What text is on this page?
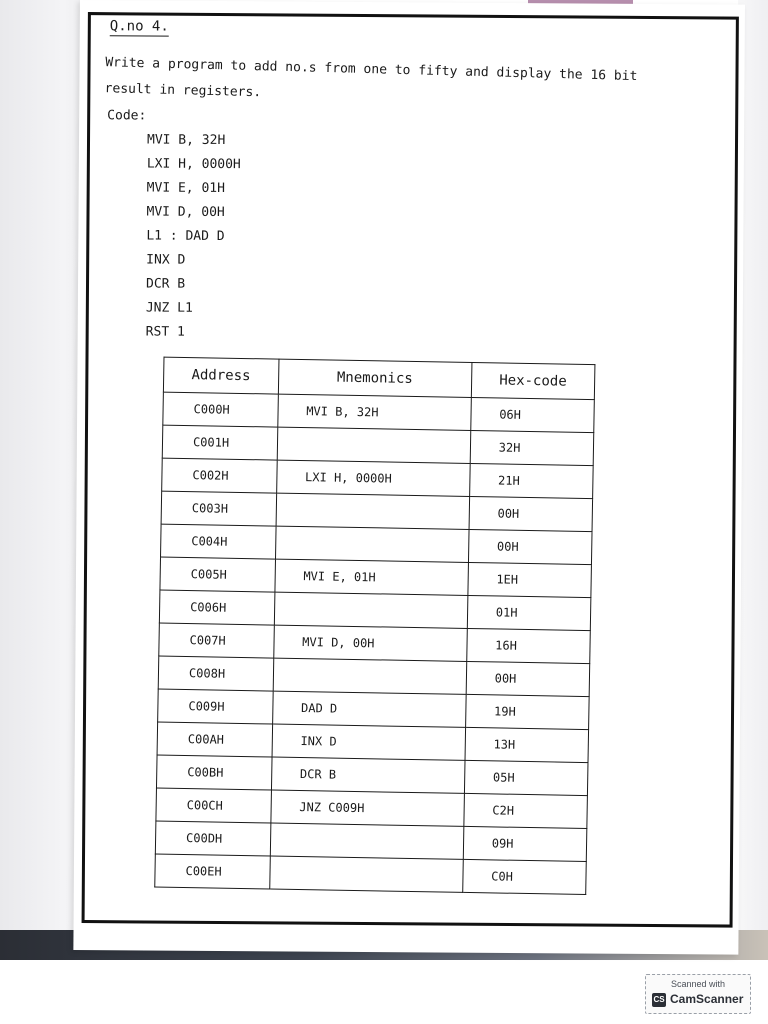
Q.no 4.
Write a program to add no.s from one to fifty and display the 16 bit result in registers.
Code:
MVI B, 32H
LXI H, 0000H
MVI E, 01H
MVI D, 00H
L1 : DAD D
INX D
DCR B
JNZ L1
RST 1
Address	Mnemonics	Hex-code
C000H	MVI B, 32H	06H
C001H		32H
C002H	LXI H, 0000H	21H
C003H		00H
C004H		00H
C005H	MVI E, 01H	1EH
C006H		01H
C007H	MVI D, 00H	16H
C008H		00H
C009H	DAD D	19H
C00AH	INX D	13H
C00BH	DCR B	05H
C00CH	JNZ C009H	C2H
C00DH		09H
C00EH		C0H
Scanned with
CS CamScanner
